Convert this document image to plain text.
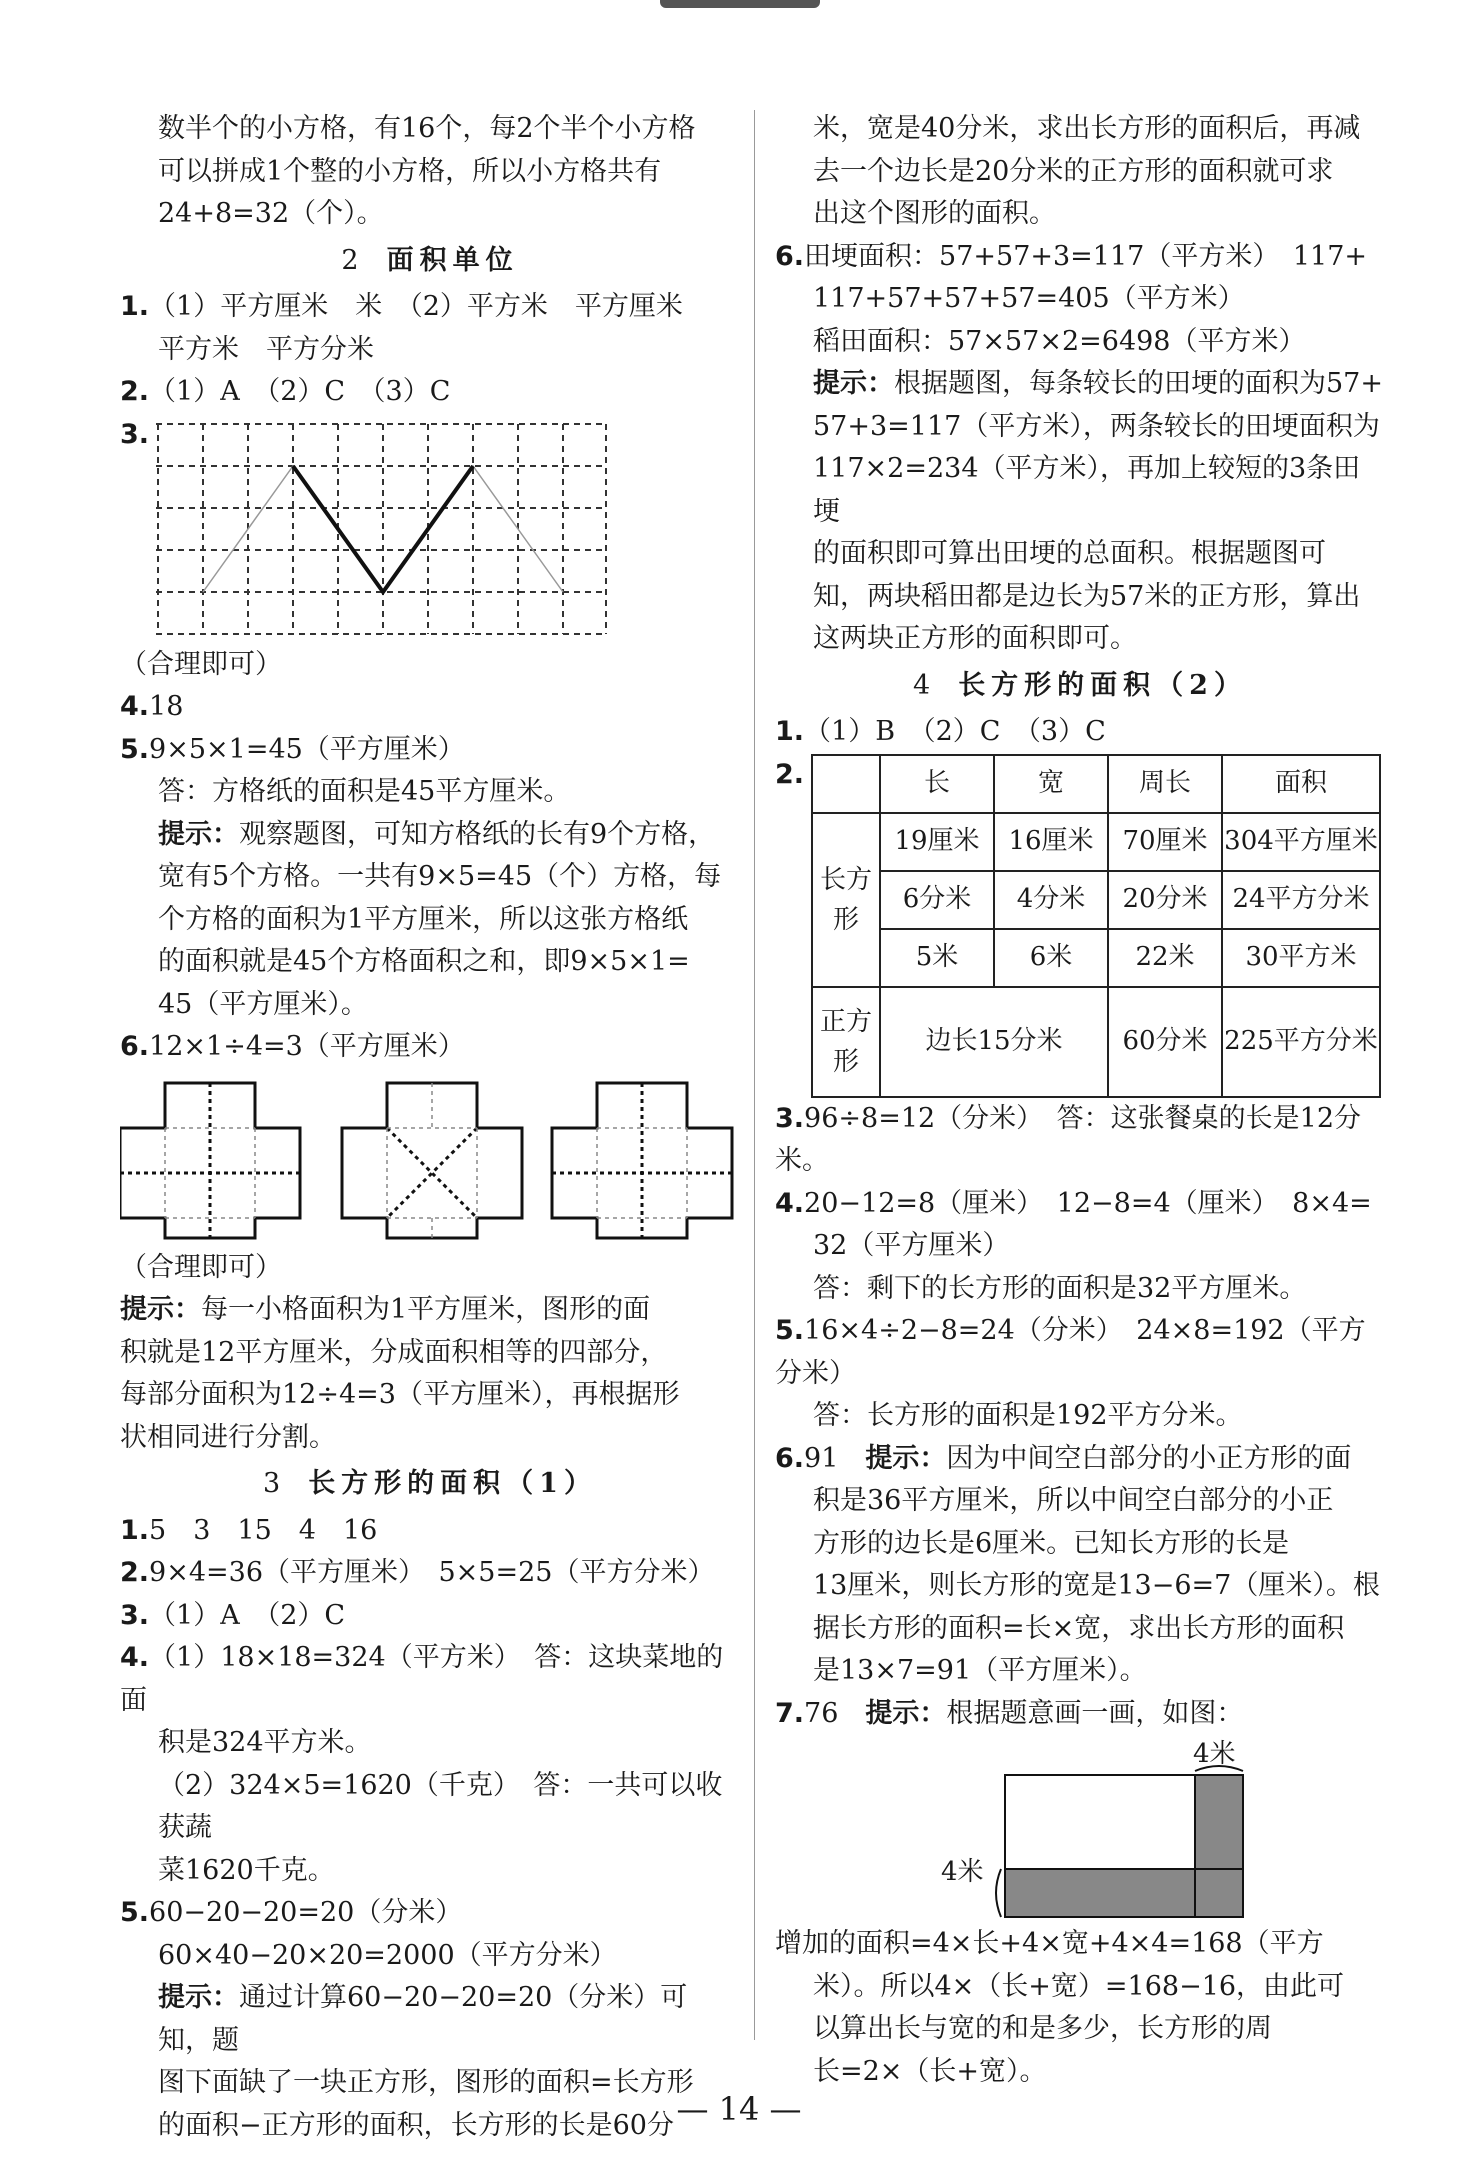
数半个的小方格，有16个，每2个半个小方格

可以拼成1个整的小方格，所以小方格共有

24+8=32（个）。

2 面积单位

1.（1）平方厘米　米　（2）平方米　平方厘米

平方米　平方分米

2.（1）A　（2）C　（3）C

3.

（合理即可）

4.18

5.9×5×1=45（平方厘米）

答：方格纸的面积是45平方厘米。

提示：观察题图，可知方格纸的长有9个方格，

宽有5个方格。一共有9×5=45（个）方格，每

个方格的面积为1平方厘米，所以这张方格纸

的面积就是45个方格面积之和，即9×5×1=

45（平方厘米）。

6.12×1÷4=3（平方厘米）

（合理即可）

提示：每一小格面积为1平方厘米，图形的面

积就是12平方厘米，分成面积相等的四部分，

每部分面积为12÷4=3（平方厘米），再根据形

状相同进行分割。

3 长方形的面积（1）

1.5　3　15　4　16

2.9×4=36（平方厘米）　5×5=25（平方分米）

3.（1）A　（2）C

4.（1）18×18=324（平方米）　答：这块菜地的面

积是324平方米。

（2）324×5=1620（千克）　答：一共可以收获蔬

菜1620千克。

5.60−20−20=20（分米）

60×40−20×20=2000（平方分米）

提示：通过计算60−20−20=20（分米）可知，题

图下面缺了一块正方形，图形的面积=长方形

的面积−正方形的面积，长方形的长是60分

米，宽是40分米，求出长方形的面积后，再减

去一个边长是20分米的正方形的面积就可求

出这个图形的面积。

6.田埂面积：57+57+3=117（平方米）　117+

117+57+57+57=405（平方米）

稻田面积：57×57×2=6498（平方米）

提示：根据题图，每条较长的田埂的面积为57+

57+3=117（平方米），两条较长的田埂面积为

117×2=234（平方米），再加上较短的3条田埂

的面积即可算出田埂的总面积。根据题图可

知，两块稻田都是边长为57米的正方形，算出

这两块正方形的面积即可。

4 长方形的面积（2）

1.（1）B　（2）C　（3）C

2.
		长	宽	周长	面积
长方形	19厘米	16厘米	70厘米	304平方厘米
	6分米	4分米	20分米	24平方分米
	5米	6米	22米	30平方米
正方形	边长15分米		60分米	225平方分米

3.96÷8=12（分米）　答：这张餐桌的长是12分米。

4.20−12=8（厘米）　12−8=4（厘米）　8×4=

32（平方厘米）

答：剩下的长方形的面积是32平方厘米。

5.16×4÷2−8=24（分米）　24×8=192（平方分米）

答：长方形的面积是192平方分米。

6.91　提示：因为中间空白部分的小正方形的面

积是36平方厘米，所以中间空白部分的小正

方形的边长是6厘米。已知长方形的长是

13厘米，则长方形的宽是13−6=7（厘米）。根

据长方形的面积=长×宽，求出长方形的面积

是13×7=91（平方厘米）。

7.76　提示：根据题意画一画，如图：

4米
4米

增加的面积=4×长+4×宽+4×4=168（平方

米）。所以4×（长+宽）=168−16，由此可

以算出长与宽的和是多少，长方形的周

长=2×（长+宽）。

— 14 —
